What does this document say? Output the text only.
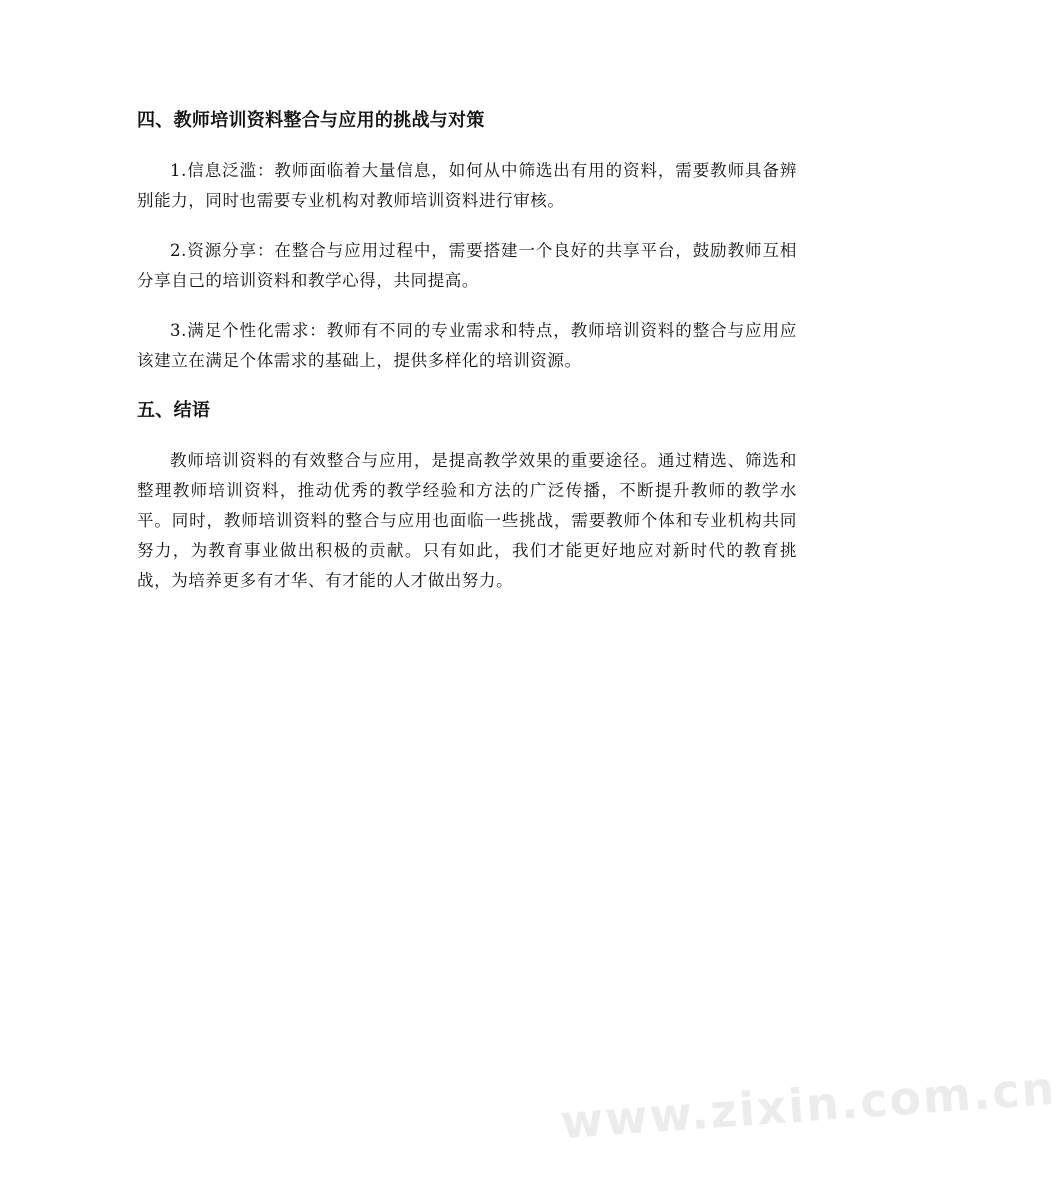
四、教师培训资料整合与应用的挑战与对策

1.信息泛滥：教师面临着大量信息，如何从中筛选出有用的资料，需要教师具备辨别能力，同时也需要专业机构对教师培训资料进行审核。

2.资源分享：在整合与应用过程中，需要搭建一个良好的共享平台，鼓励教师互相分享自己的培训资料和教学心得，共同提高。

3.满足个性化需求：教师有不同的专业需求和特点，教师培训资料的整合与应用应该建立在满足个体需求的基础上，提供多样化的培训资源。

五、结语

教师培训资料的有效整合与应用，是提高教学效果的重要途径。通过精选、筛选和整理教师培训资料，推动优秀的教学经验和方法的广泛传播，不断提升教师的教学水平。同时，教师培训资料的整合与应用也面临一些挑战，需要教师个体和专业机构共同努力，为教育事业做出积极的贡献。只有如此，我们才能更好地应对新时代的教育挑战，为培养更多有才华、有才能的人才做出努力。

www.zixin.com.cn
